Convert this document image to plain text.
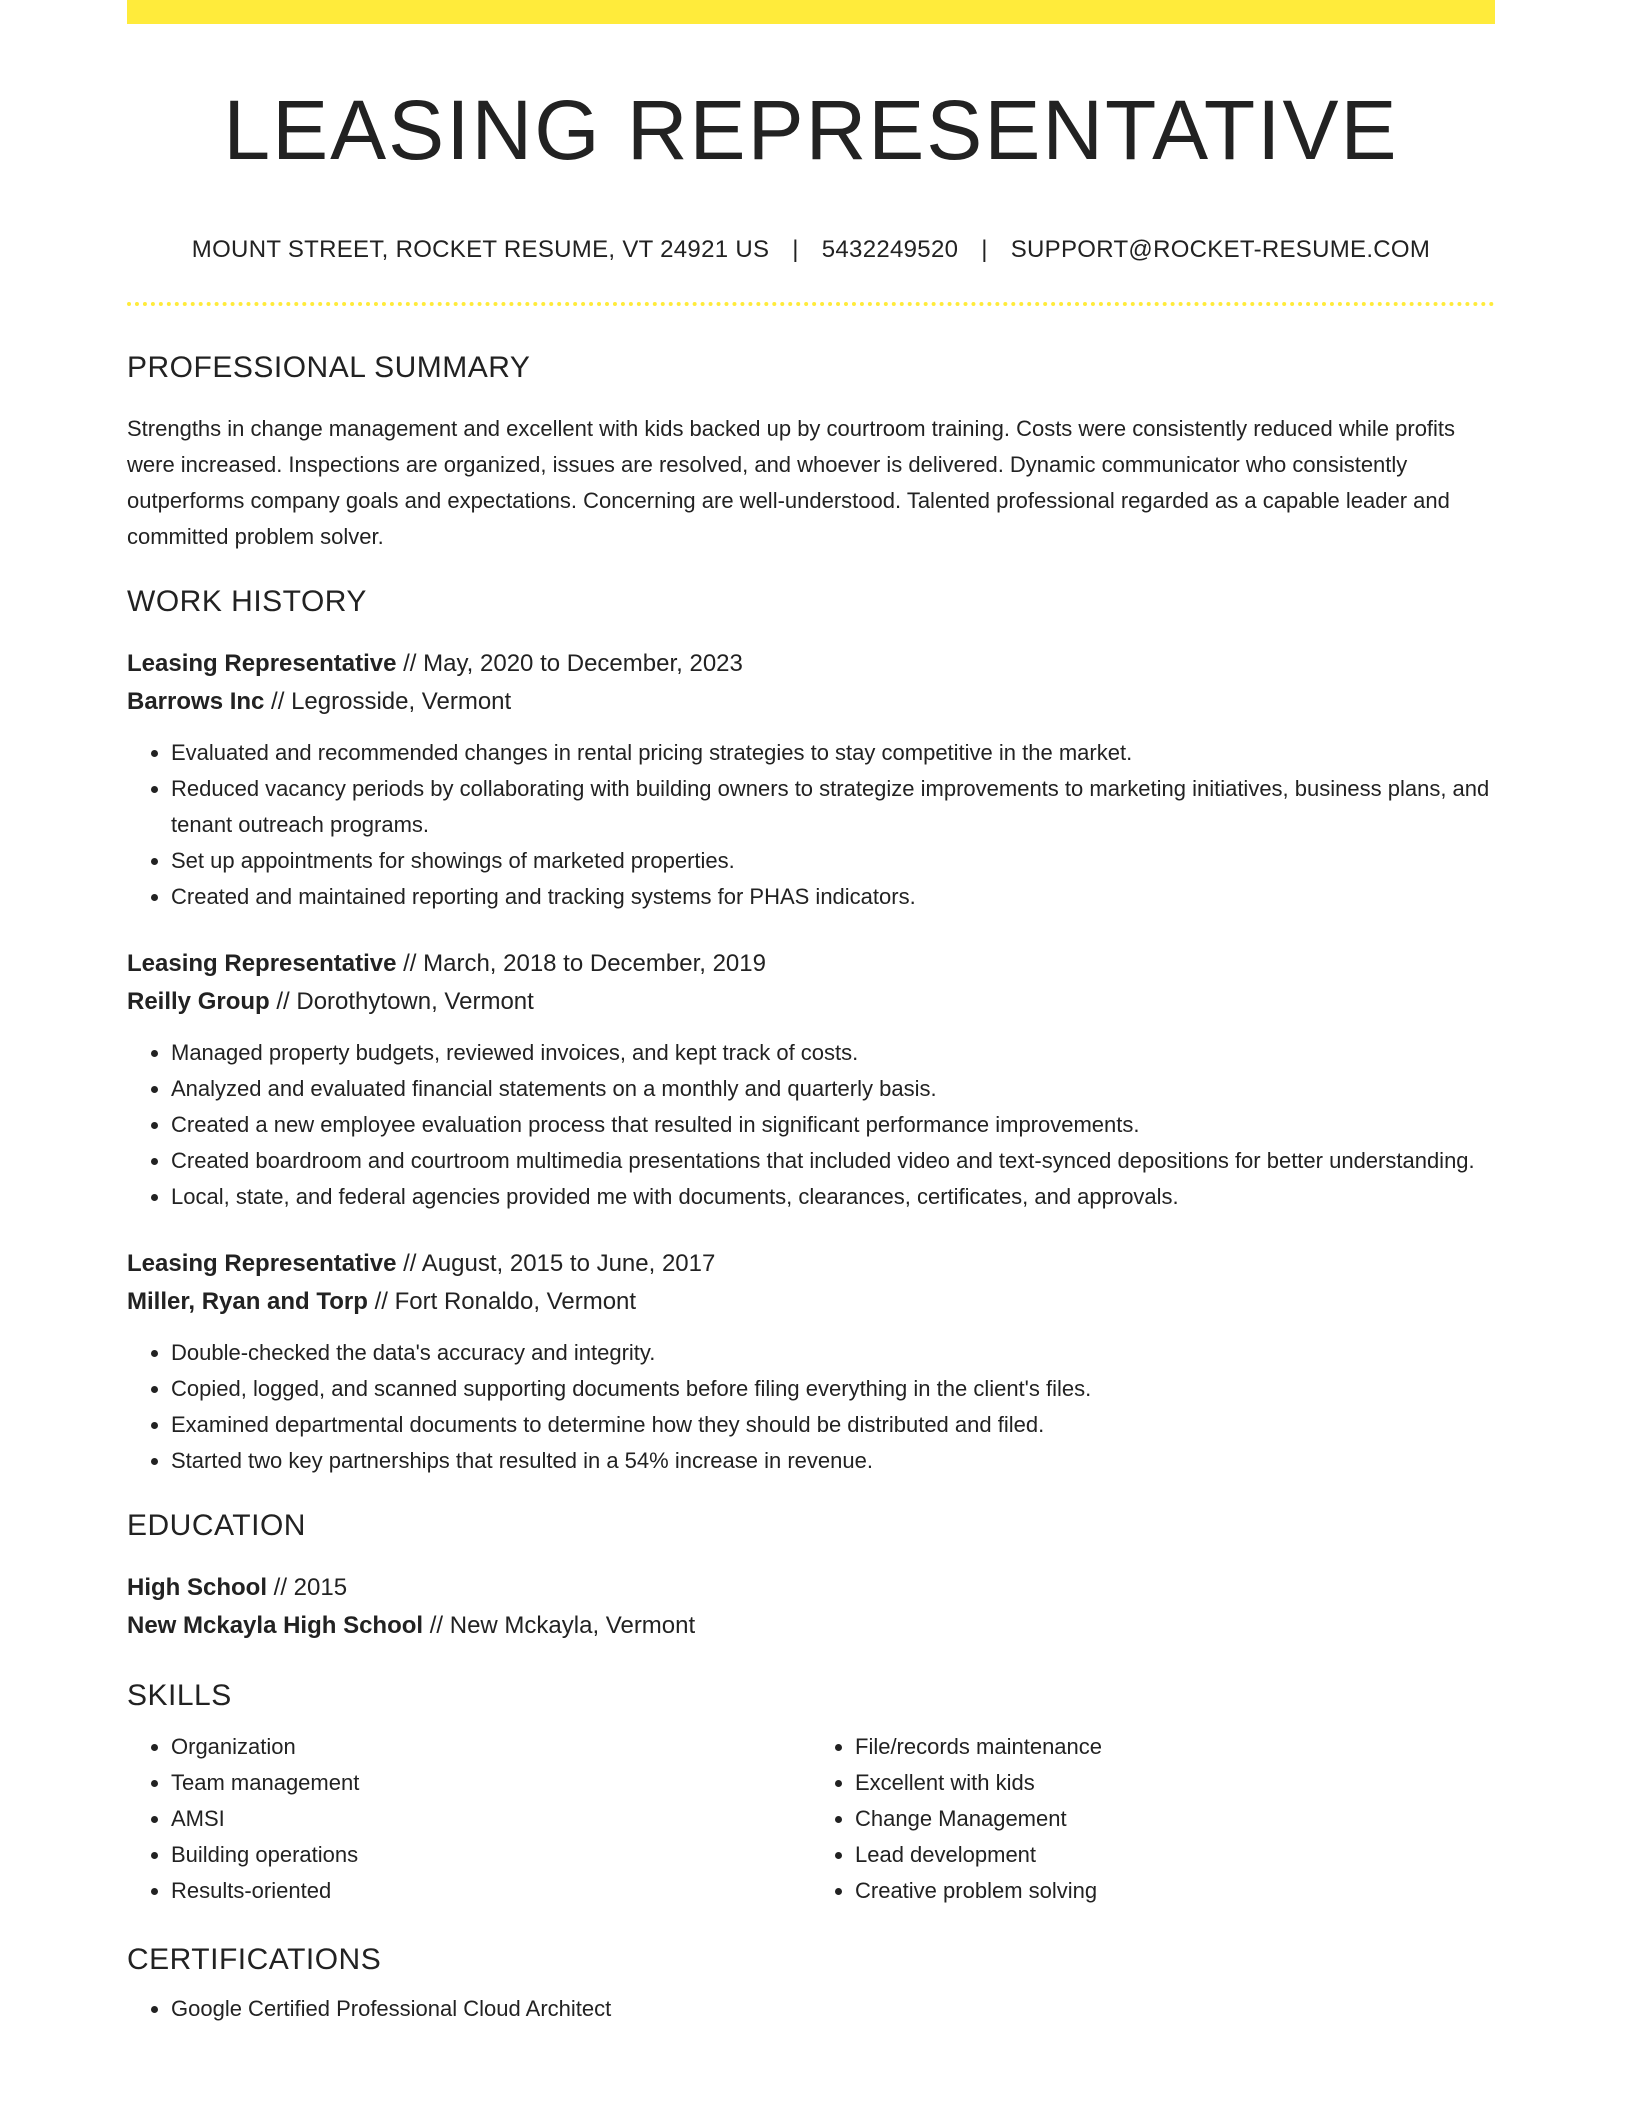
LEASING REPRESENTATIVE
MOUNT STREET, ROCKET RESUME, VT 24921 US | 5432249520 | SUPPORT@ROCKET-RESUME.COM
PROFESSIONAL SUMMARY

Strengths in change management and excellent with kids backed up by courtroom training. Costs were consistently reduced while profits were increased. Inspections are organized, issues are resolved, and whoever is delivered. Dynamic communicator who consistently outperforms company goals and expectations. Concerning are well-understood. Talented professional regarded as a capable leader and committed problem solver.

WORK HISTORY
Leasing Representative // May, 2020 to December, 2023
Barrows Inc // Legrosside, Vermont
• Evaluated and recommended changes in rental pricing strategies to stay competitive in the market.
• Reduced vacancy periods by collaborating with building owners to strategize improvements to marketing initiatives, business plans, and tenant outreach programs.
• Set up appointments for showings of marketed properties.
• Created and maintained reporting and tracking systems for PHAS indicators.
Leasing Representative // March, 2018 to December, 2019
Reilly Group // Dorothytown, Vermont
• Managed property budgets, reviewed invoices, and kept track of costs.
• Analyzed and evaluated financial statements on a monthly and quarterly basis.
• Created a new employee evaluation process that resulted in significant performance improvements.
• Created boardroom and courtroom multimedia presentations that included video and text-synced depositions for better understanding.
• Local, state, and federal agencies provided me with documents, clearances, certificates, and approvals.
Leasing Representative // August, 2015 to June, 2017
Miller, Ryan and Torp // Fort Ronaldo, Vermont
• Double-checked the data's accuracy and integrity.
• Copied, logged, and scanned supporting documents before filing everything in the client's files.
• Examined departmental documents to determine how they should be distributed and filed.
• Started two key partnerships that resulted in a 54% increase in revenue.
EDUCATION
High School // 2015
New Mckayla High School // New Mckayla, Vermont
SKILLS
• Organization
• Team management
• AMSI
• Building operations
• Results-oriented
• File/records maintenance
• Excellent with kids
• Change Management
• Lead development
• Creative problem solving
CERTIFICATIONS
• Google Certified Professional Cloud Architect
